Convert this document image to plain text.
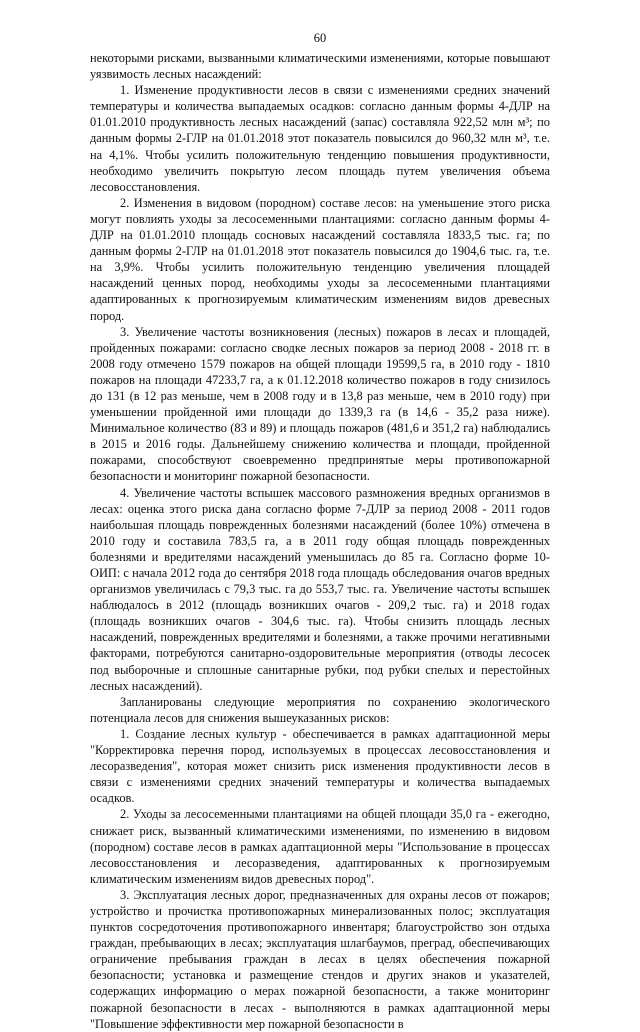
60

некоторыми рисками, вызванными климатическими изменениями, которые повышают уязвимость лесных насаждений:

1. Изменение продуктивности лесов в связи с изменениями средних значений температуры и количества выпадаемых осадков: согласно данным формы 4-ДЛР на 01.01.2010 продуктивность лесных насаждений (запас) составляла 922,52 млн м³; по данным формы 2-ГЛР на 01.01.2018 этот показатель повысился до 960,32 млн м³, т.е. на 4,1%. Чтобы усилить положительную тенденцию повышения продуктивности, необходимо увеличить покрытую лесом площадь путем увеличения объема лесовосстановления.

2. Изменения в видовом (породном) составе лесов: на уменьшение этого риска могут повлиять уходы за лесосеменными плантациями: согласно данным формы 4-ДЛР на 01.01.2010 площадь сосновых насаждений составляла 1833,5 тыс. га; по данным формы 2-ГЛР на 01.01.2018 этот показатель повысился до 1904,6 тыс. га, т.е. на 3,9%. Чтобы усилить положительную тенденцию увеличения площадей насаждений ценных пород, необходимы уходы за лесосеменными плантациями адаптированных к прогнозируемым климатическим изменениям видов древесных пород.

3. Увеличение частоты возникновения (лесных) пожаров в лесах и площадей, пройденных пожарами: согласно сводке лесных пожаров за период 2008 - 2018 гг. в 2008 году отмечено 1579 пожаров на общей площади 19599,5 га, в 2010 году - 1810 пожаров на площади 47233,7 га, а к 01.12.2018 количество пожаров в году снизилось до 131 (в 12 раз меньше, чем в 2008 году и в 13,8 раз меньше, чем в 2010 году) при уменьшении пройденной ими площади до 1339,3 га (в 14,6 - 35,2 раза ниже). Минимальное количество (83 и 89) и площадь пожаров (481,6 и 351,2 га) наблюдались в 2015 и 2016 годы. Дальнейшему снижению количества и площади, пройденной пожарами, способствуют своевременно предпринятые меры противопожарной безопасности и мониторинг пожарной безопасности.

4. Увеличение частоты вспышек массового размножения вредных организмов в лесах: оценка этого риска дана согласно форме 7-ДЛР за период 2008 - 2011 годов наибольшая площадь поврежденных болезнями насаждений (более 10%) отмечена в 2010 году и составила 783,5 га, а в 2011 году общая площадь поврежденных болезнями и вредителями насаждений уменьшилась до 85 га. Согласно форме 10-ОИП: с начала 2012 года до сентября 2018 года площадь обследования очагов вредных организмов увеличилась с 79,3 тыс. га до 553,7 тыс. га. Увеличение частоты вспышек наблюдалось в 2012 (площадь возникших очагов - 209,2 тыс. га) и 2018 годах (площадь возникших очагов - 304,6 тыс. га). Чтобы снизить площадь лесных насаждений, поврежденных вредителями и болезнями, а также прочими негативными факторами, потребуются санитарно-оздоровительные мероприятия (отводы лесосек под выборочные и сплошные санитарные рубки, под рубки спелых и перестойных лесных насаждений).

Запланированы следующие мероприятия по сохранению экологического потенциала лесов для снижения вышеуказанных рисков:

1. Создание лесных культур - обеспечивается в рамках адаптационной меры "Корректировка перечня пород, используемых в процессах лесовосстановления и лесоразведения", которая может снизить риск изменения продуктивности лесов в связи с изменениями средних значений температуры и количества выпадаемых осадков.

2. Уходы за лесосеменными плантациями на общей площади 35,0 га - ежегодно, снижает риск, вызванный климатическими изменениями, по изменению в видовом (породном) составе лесов в рамках адаптационной меры "Использование в процессах лесовосстановления и лесоразведения, адаптированных к прогнозируемым климатическим изменениям видов древесных пород".

3. Эксплуатация лесных дорог, предназначенных для охраны лесов от пожаров; устройство и прочистка противопожарных минерализованных полос; эксплуатация пунктов сосредоточения противопожарного инвентаря; благоустройство зон отдыха граждан, пребывающих в лесах; эксплуатация шлагбаумов, преград, обеспечивающих ограничение пребывания граждан в лесах в целях обеспечения пожарной безопасности; установка и размещение стендов и других знаков и указателей, содержащих информацию о мерах пожарной безопасности, а также мониторинг пожарной безопасности в лесах - выполняются в рамках адаптационной меры "Повышение эффективности мер пожарной безопасности в
